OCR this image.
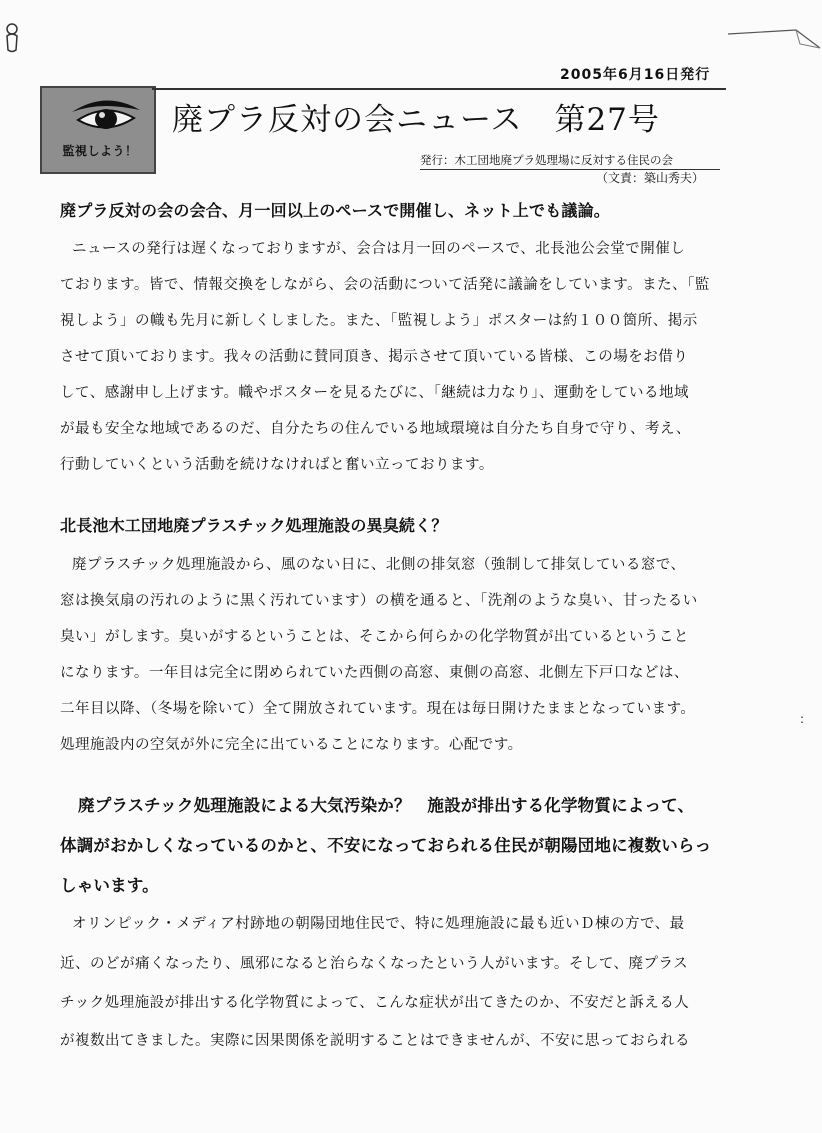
2005年6月16日発行
監視しよう！
廃プラ反対の会ニュース　第27号
発行：木工団地廃プラ処理場に反対する住民の会
（文責：築山秀夫）
廃プラ反対の会の会合、月一回以上のペースで開催し、ネット上でも議論。
ニュースの発行は遅くなっておりますが、会合は月一回のペースで、北長池公会堂で開催し
ております。皆で、情報交換をしながら、会の活動について活発に議論をしています。また、「監
視しよう」の幟も先月に新しくしました。また、「監視しよう」ポスターは約１００箇所、掲示
させて頂いております。我々の活動に賛同頂き、掲示させて頂いている皆様、この場をお借り
して、感謝申し上げます。幟やポスターを見るたびに、「継続は力なり」、運動をしている地域
が最も安全な地域であるのだ、自分たちの住んでいる地域環境は自分たち自身で守り、考え、
行動していくという活動を続けなければと奮い立っております。
北長池木工団地廃プラスチック処理施設の異臭続く？
廃プラスチック処理施設から、風のない日に、北側の排気窓（強制して排気している窓で、
窓は換気扇の汚れのように黒く汚れています）の横を通ると、「洗剤のような臭い、甘ったるい
臭い」がします。臭いがするということは、そこから何らかの化学物質が出ているということ
になります。一年目は完全に閉められていた西側の高窓、東側の高窓、北側左下戸口などは、
二年目以降、（冬場を除いて）全て開放されています。現在は毎日開けたままとなっています。
処理施設内の空気が外に完全に出ていることになります。心配です。
:
廃プラスチック処理施設による大気汚染か？　施設が排出する化学物質によって、
体調がおかしくなっているのかと、不安になっておられる住民が朝陽団地に複数いらっ
しゃいます。
オリンピック・メディア村跡地の朝陽団地住民で、特に処理施設に最も近いＤ棟の方で、最
近、のどが痛くなったり、風邪になると治らなくなったという人がいます。そして、廃プラス
チック処理施設が排出する化学物質によって、こんな症状が出てきたのか、不安だと訴える人
が複数出てきました。実際に因果関係を説明することはできませんが、不安に思っておられる
